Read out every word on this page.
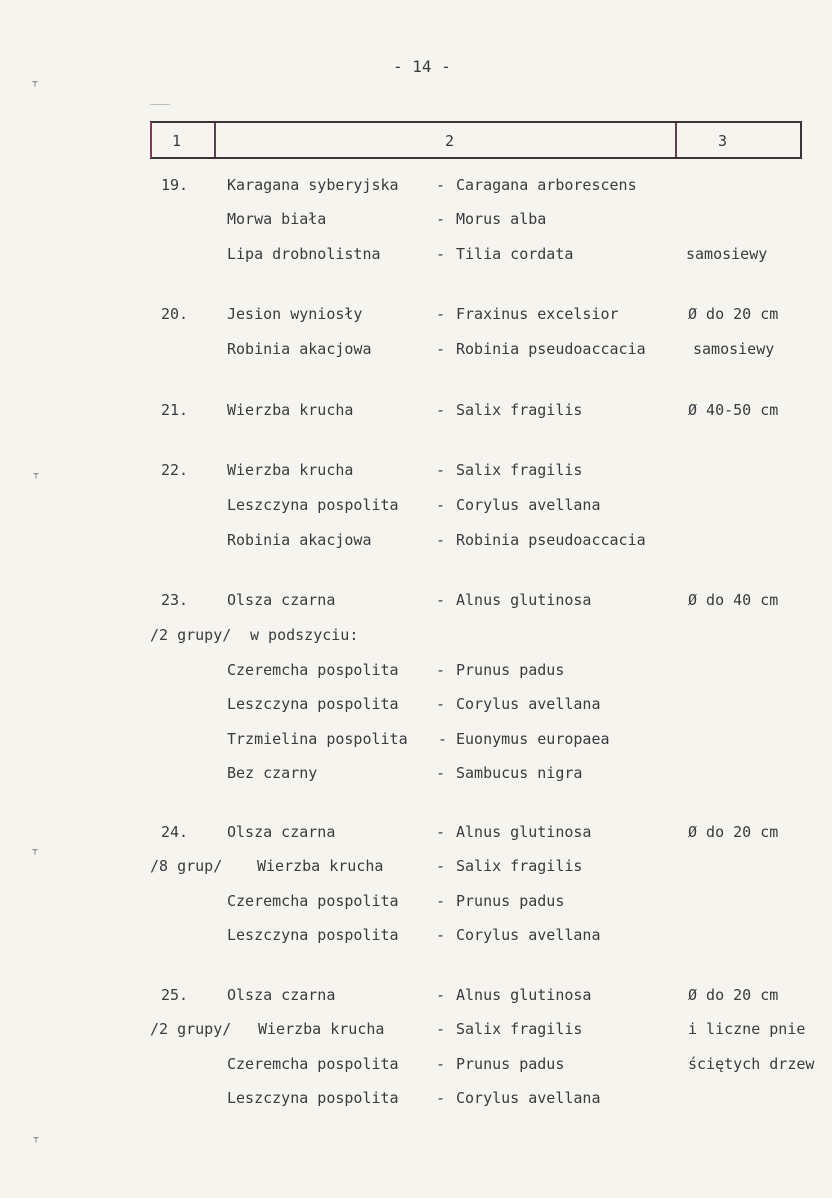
- 14 -
⸆
⸆
⸆
⸆
1	2	3
19.	Karagana syberyjska - Caragana arborescens
Morwa biała	- Morus alba
Lipa drobnolistna	- Tilia cordata	samosiewy
20.	Jesion wyniosły	- Fraxinus excelsior	Ø do 20 cm
Robinia akacjowa	- Robinia pseudoaccacia	samosiewy
21.	Wierzba krucha	- Salix fragilis	Ø 40-50 cm
22.	Wierzba krucha	- Salix fragilis
Leszczyna pospolita - Corylus avellana
Robinia akacjowa	- Robinia pseudoaccacia
23.	Olsza czarna	- Alnus glutinosa	Ø do 40 cm
/2 grupy/ w podszyciu:
Czeremcha pospolita - Prunus padus
Leszczyna pospolita - Corylus avellana
Trzmielina pospolita - Euonymus europaea
Bez czarny	- Sambucus nigra
24.	Olsza czarna	- Alnus glutinosa	Ø do 20 cm
/8 grup/ Wierzba krucha	- Salix fragilis
Czeremcha pospolita - Prunus padus
Leszczyna pospolita - Corylus avellana
25.	Olsza czarna	- Alnus glutinosa	Ø do 20 cm
/2 grupy/ Wierzba krucha	- Salix fragilis	i liczne pnie
Czeremcha pospolita - Prunus padus	ściętych drzew
Leszczyna pospolita - Corylus avellana
